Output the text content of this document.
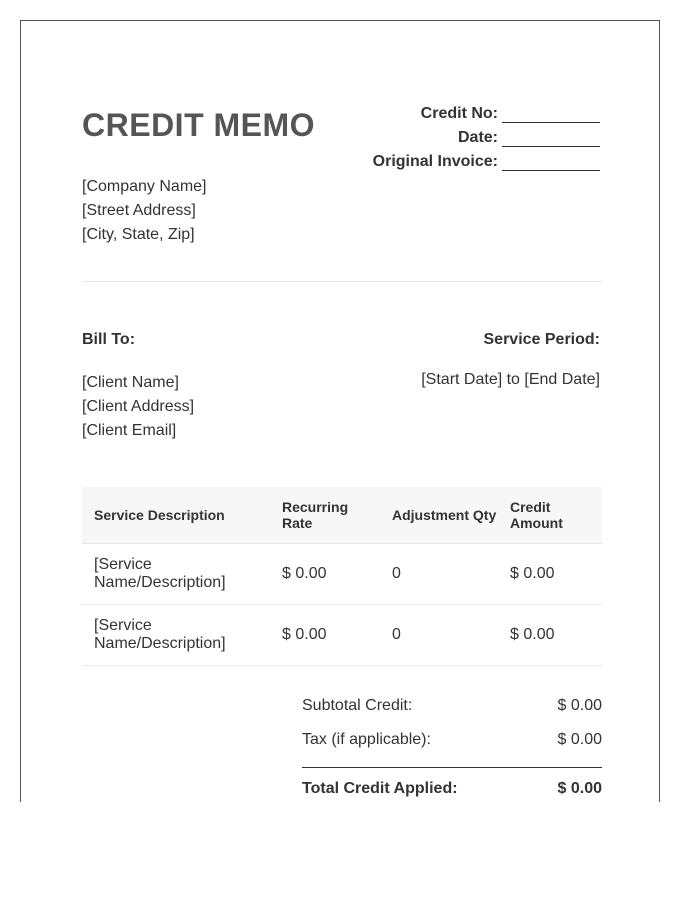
CREDIT MEMO	Credit No:
Date:
Original Invoice:
[Company Name]
[Street Address]
[City, State, Zip]
Bill To:	Service Period:
[Client Name]
[Client Address]
[Client Email]
[Start Date] to [End Date]
Service Description	Recurring Rate	Adjustment Qty	Credit Amount
[Service Name/Description]	$ 0.00	0	$ 0.00
[Service Name/Description]	$ 0.00	0	$ 0.00
Subtotal Credit:	$ 0.00
Tax (if applicable):	$ 0.00
Total Credit Applied:	$ 0.00
